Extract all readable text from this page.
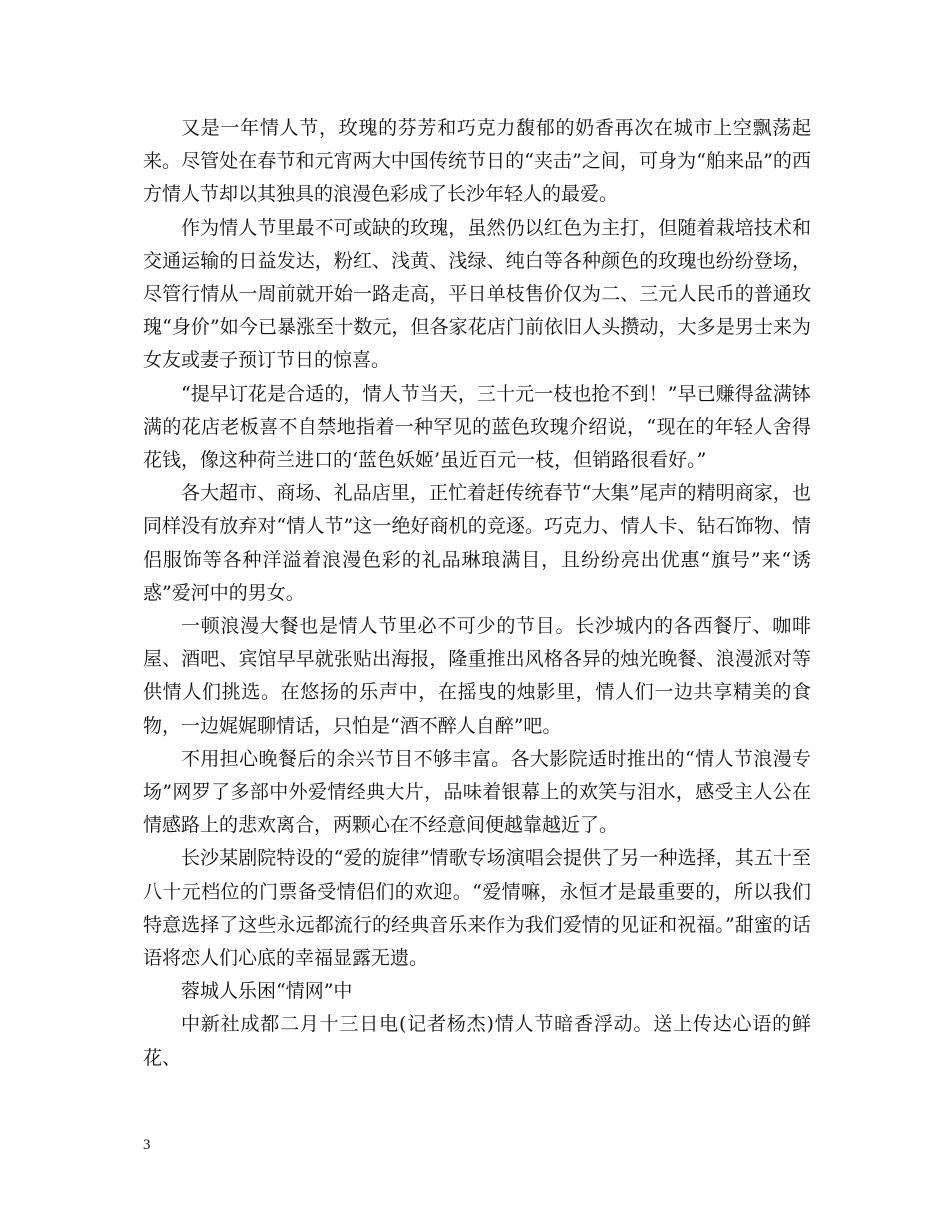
又是一年情人节，玫瑰的芬芳和巧克力馥郁的奶香再次在城市上空飘荡起来。尽管处在春节和元宵两大中国传统节日的“夹击”之间，可身为“舶来品”的西方情人节却以其独具的浪漫色彩成了长沙年轻人的最爱。

作为情人节里最不可或缺的玫瑰，虽然仍以红色为主打，但随着栽培技术和交通运输的日益发达，粉红、浅黄、浅绿、纯白等各种颜色的玫瑰也纷纷登场，尽管行情从一周前就开始一路走高，平日单枝售价仅为二、三元人民币的普通玫瑰“身价”如今已暴涨至十数元，但各家花店门前依旧人头攒动，大多是男士来为女友或妻子预订节日的惊喜。

“提早订花是合适的，情人节当天，三十元一枝也抢不到！”早已赚得盆满钵满的花店老板喜不自禁地指着一种罕见的蓝色玫瑰介绍说，“现在的年轻人舍得花钱，像这种荷兰进口的‘蓝色妖姬’虽近百元一枝，但销路很看好。”

各大超市、商场、礼品店里，正忙着赶传统春节“大集”尾声的精明商家，也同样没有放弃对“情人节”这一绝好商机的竞逐。巧克力、情人卡、钻石饰物、情侣服饰等各种洋溢着浪漫色彩的礼品琳琅满目，且纷纷亮出优惠“旗号”来“诱惑”爱河中的男女。

一顿浪漫大餐也是情人节里必不可少的节目。长沙城内的各西餐厅、咖啡屋、酒吧、宾馆早早就张贴出海报，隆重推出风格各异的烛光晚餐、浪漫派对等供情人们挑选。在悠扬的乐声中，在摇曳的烛影里，情人们一边共享精美的食物，一边娓娓聊情话，只怕是“酒不醉人自醉”吧。

不用担心晚餐后的余兴节目不够丰富。各大影院适时推出的“情人节浪漫专场”网罗了多部中外爱情经典大片，品味着银幕上的欢笑与泪水，感受主人公在情感路上的悲欢离合，两颗心在不经意间便越靠越近了。

长沙某剧院特设的“爱的旋律”情歌专场演唱会提供了另一种选择，其五十至八十元档位的门票备受情侣们的欢迎。“爱情嘛，永恒才是最重要的，所以我们特意选择了这些永远都流行的经典音乐来作为我们爱情的见证和祝福。”甜蜜的话语将恋人们心底的幸福显露无遗。

蓉城人乐困“情网”中

中新社成都二月十三日电(记者杨杰)情人节暗香浮动。送上传达心语的鲜花、

3
